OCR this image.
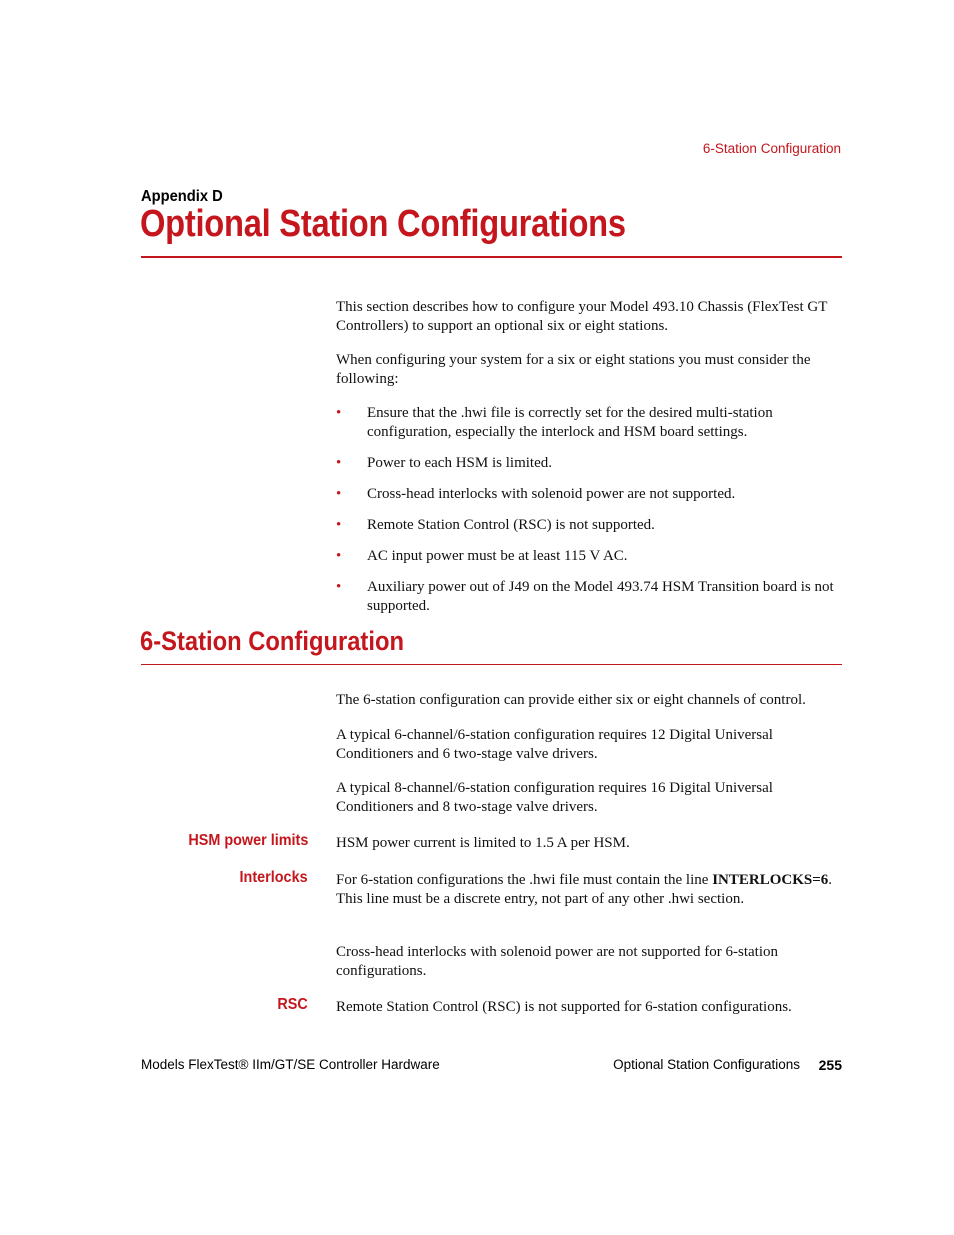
6-Station Configuration
Appendix D
Optional Station Configurations

This section describes how to configure your Model 493.10 Chassis (FlexTest GT Controllers) to support an optional six or eight stations.

When configuring your system for a six or eight stations you must consider the following:

• Ensure that the .hwi file is correctly set for the desired multi-station configuration, especially the interlock and HSM board settings.
• Power to each HSM is limited.
• Cross-head interlocks with solenoid power are not supported.
• Remote Station Control (RSC) is not supported.
• AC input power must be at least 115 V AC.
• Auxiliary power out of J49 on the Model 493.74 HSM Transition board is not supported.
6-Station Configuration

The 6-station configuration can provide either six or eight channels of control.

A typical 6-channel/6-station configuration requires 12 Digital Universal Conditioners and 6 two-stage valve drivers.

A typical 8-channel/6-station configuration requires 16 Digital Universal Conditioners and 8 two-stage valve drivers.

HSM power limits HSM power current is limited to 1.5 A per HSM.

Interlocks For 6-station configurations the .hwi file must contain the line INTERLOCKS=6. This line must be a discrete entry, not part of any other .hwi section.

Cross-head interlocks with solenoid power are not supported for 6-station configurations.

RSC Remote Station Control (RSC) is not supported for 6-station configurations.

Models FlexTest® IIm/GT/SE Controller Hardware	Optional Station Configurations 255
